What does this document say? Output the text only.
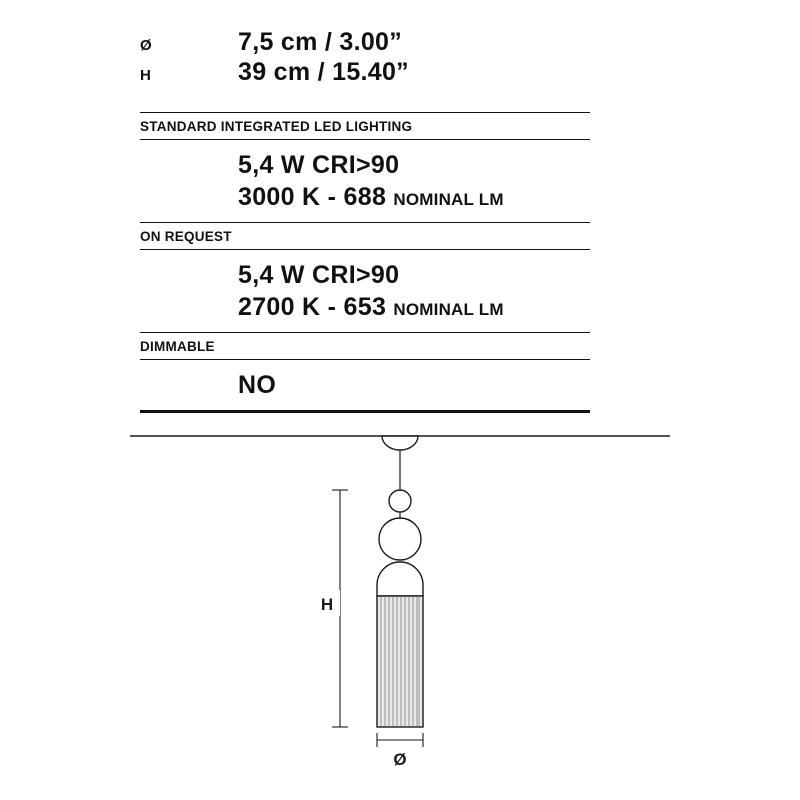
Ø	7,5 cm / 3.00”
H	39 cm / 15.40”
STANDARD INTEGRATED LED LIGHTING
5,4 W CRI>90
3000 K - 688 NOMINAL LM
ON REQUEST
5,4 W CRI>90
2700 K - 653 NOMINAL LM
DIMMABLE
NO
H
Ø
